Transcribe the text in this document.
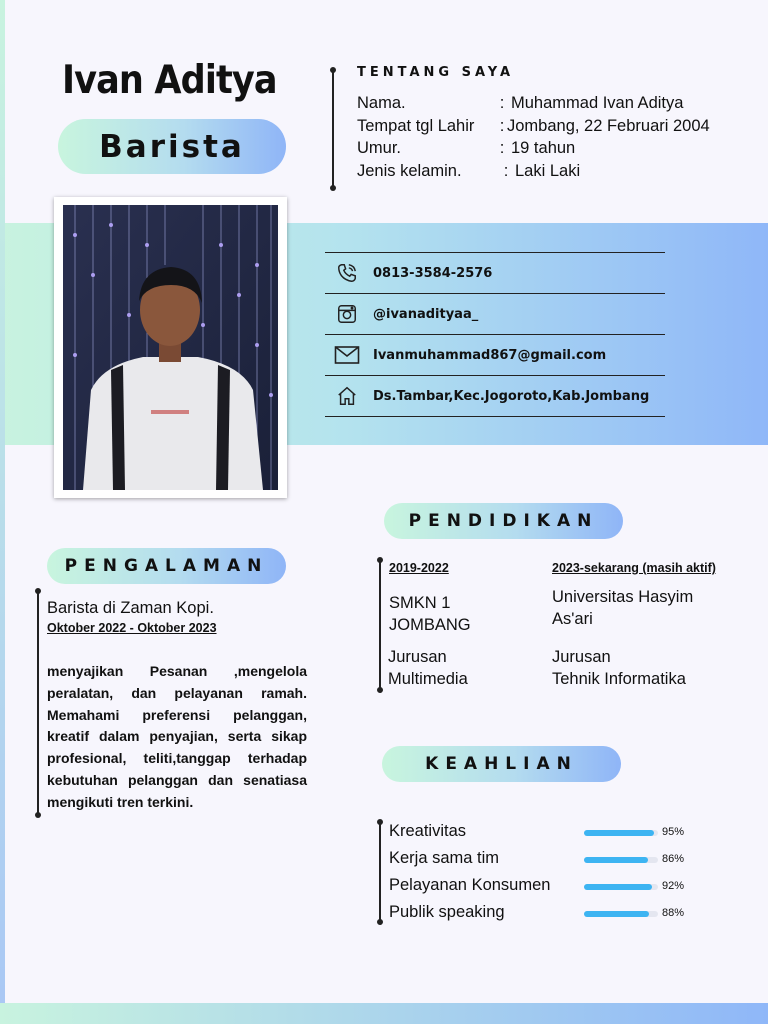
Ivan Aditya
Barista
TENTANG SAYA
Nama.	: Muhammad Ivan Aditya
Tempat tgl Lahir	: Jombang, 22 Februari 2004
Umur.	: 19 tahun
Jenis kelamin.	: Laki Laki
0813-3584-2576
@ivanadityaa_
Ivanmuhammad867@gmail.com
Ds.Tambar,Kec.Jogoroto,Kab.Jombang
PENDIDIKAN
2019-2022
SMKN 1 JOMBANG
Jurusan
Multimedia
2023-sekarang (masih aktif)
Universitas Hasyim As'ari
Jurusan
Tehnik Informatika
PENGALAMAN
Barista di Zaman Kopi.
Oktober 2022 - Oktober 2023
menyajikan Pesanan ,mengelola peralatan, dan pelayanan ramah. Memahami preferensi pelanggan, kreatif dalam penyajian, serta sikap profesional, teliti,tanggap terhadap kebutuhan pelanggan dan senatiasa mengikuti tren terkini.
KEAHLIAN
Kreativitas	95%
Kerja sama tim	86%
Pelayanan Konsumen	92%
Publik speaking	88%
